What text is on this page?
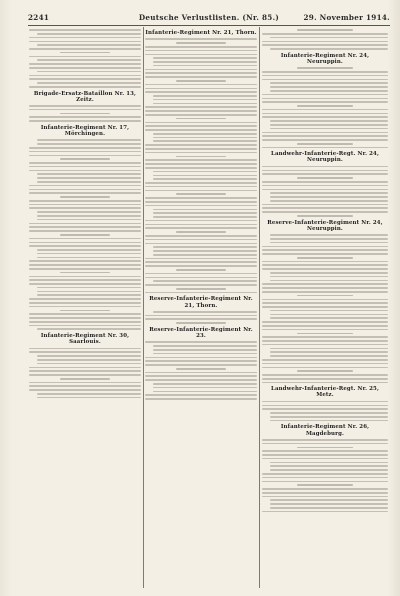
2241	Deutsche Verlustlisten. (Nr. 85.)	29. November 1914.
Brigade-Ersatz-Bataillon Nr. 13, Zeitz.
Infanterie-Regiment Nr. 17, Mörchingen.
Infanterie-Regiment Nr. 30, Saarlouis.
Infanterie-Regiment Nr. 21, Thorn.
Reserve-Infanterie-Regiment Nr. 21, Thorn.
Reserve-Infanterie-Regiment Nr. 23.
Infanterie-Regiment Nr. 24, Neuruppin.
Landwehr-Infanterie-Regt. Nr. 24, Neuruppin.
Reserve-Infanterie-Regiment Nr. 24, Neuruppin.
Landwehr-Infanterie-Regt. Nr. 25, Metz.
Infanterie-Regiment Nr. 26, Magdeburg.
